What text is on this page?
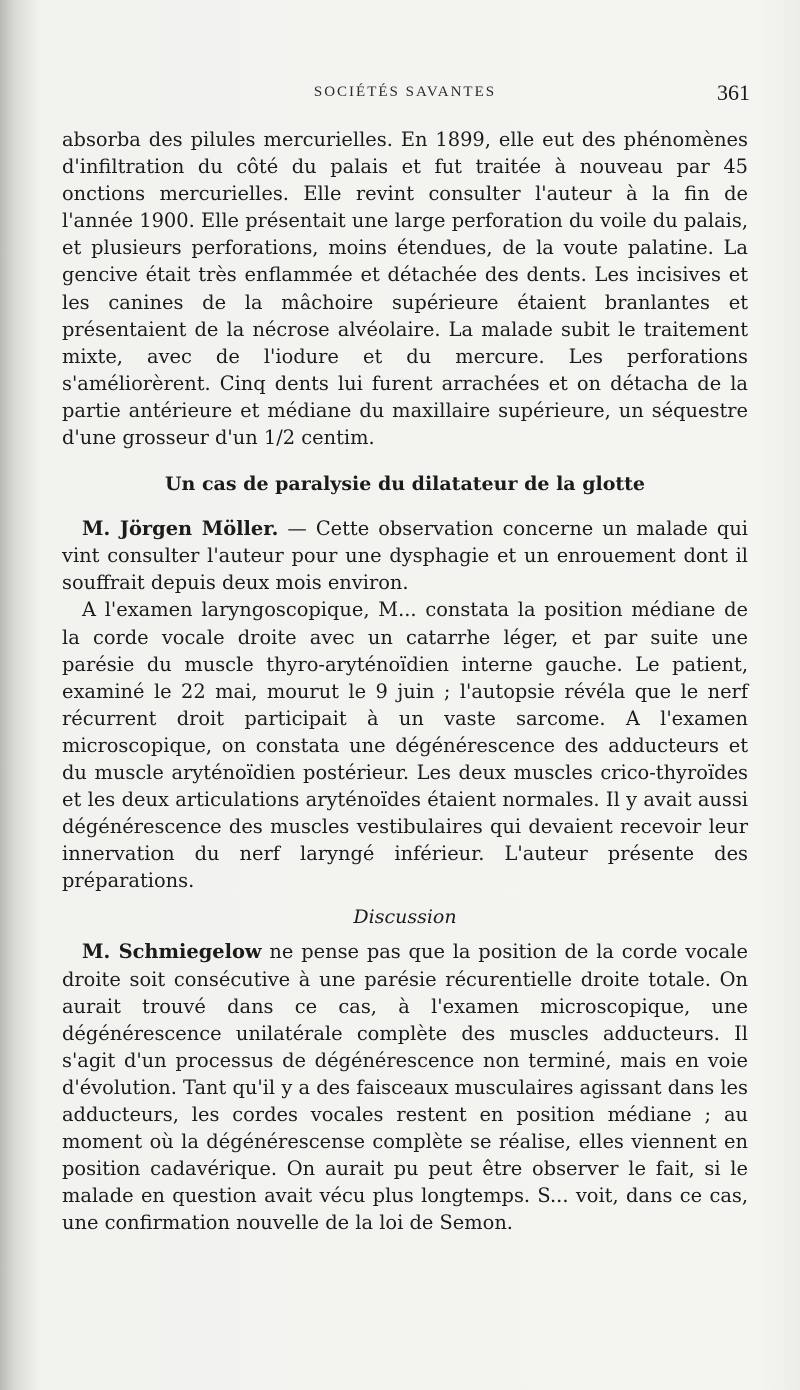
SOCIÉTÉS SAVANTES	361

absorba des pilules mercurielles. En 1899, elle eut des phénomènes d'infiltration du côté du palais et fut traitée à nouveau par 45 onctions mercurielles. Elle revint consulter l'auteur à la fin de l'année 1900. Elle présentait une large perforation du voile du palais, et plusieurs perforations, moins étendues, de la voute palatine. La gencive était très enflammée et détachée des dents. Les incisives et les canines de la mâchoire supérieure étaient branlantes et présentaient de la nécrose alvéolaire. La malade subit le traitement mixte, avec de l'iodure et du mercure. Les perforations s'améliorèrent. Cinq dents lui furent arrachées et on détacha de la partie antérieure et médiane du maxillaire supérieure, un séquestre d'une grosseur d'un 1/2 centim.

Un cas de paralysie du dilatateur de la glotte

M. Jörgen Möller. — Cette observation concerne un malade qui vint consulter l'auteur pour une dysphagie et un enrouement dont il souffrait depuis deux mois environ.

A l'examen laryngoscopique, M... constata la position médiane de la corde vocale droite avec un catarrhe léger, et par suite une parésie du muscle thyro-aryténoïdien interne gauche. Le patient, examiné le 22 mai, mourut le 9 juin ; l'autopsie révéla que le nerf récurrent droit participait à un vaste sarcome. A l'examen microscopique, on constata une dégénérescence des adducteurs et du muscle aryténoïdien postérieur. Les deux muscles crico-thyroïdes et les deux articulations aryténoïdes étaient normales. Il y avait aussi dégénérescence des muscles vestibulaires qui devaient recevoir leur innervation du nerf laryngé inférieur. L'auteur présente des préparations.

Discussion

M. Schmiegelow ne pense pas que la position de la corde vocale droite soit consécutive à une parésie récurentielle droite totale. On aurait trouvé dans ce cas, à l'examen microscopique, une dégénérescence unilatérale complète des muscles adducteurs. Il s'agit d'un processus de dégénérescence non terminé, mais en voie d'évolution. Tant qu'il y a des faisceaux musculaires agissant dans les adducteurs, les cordes vocales restent en position médiane ; au moment où la dégénérescense complète se réalise, elles viennent en position cadavérique. On aurait pu peut être observer le fait, si le malade en question avait vécu plus longtemps. S... voit, dans ce cas, une confirmation nouvelle de la loi de Semon.
